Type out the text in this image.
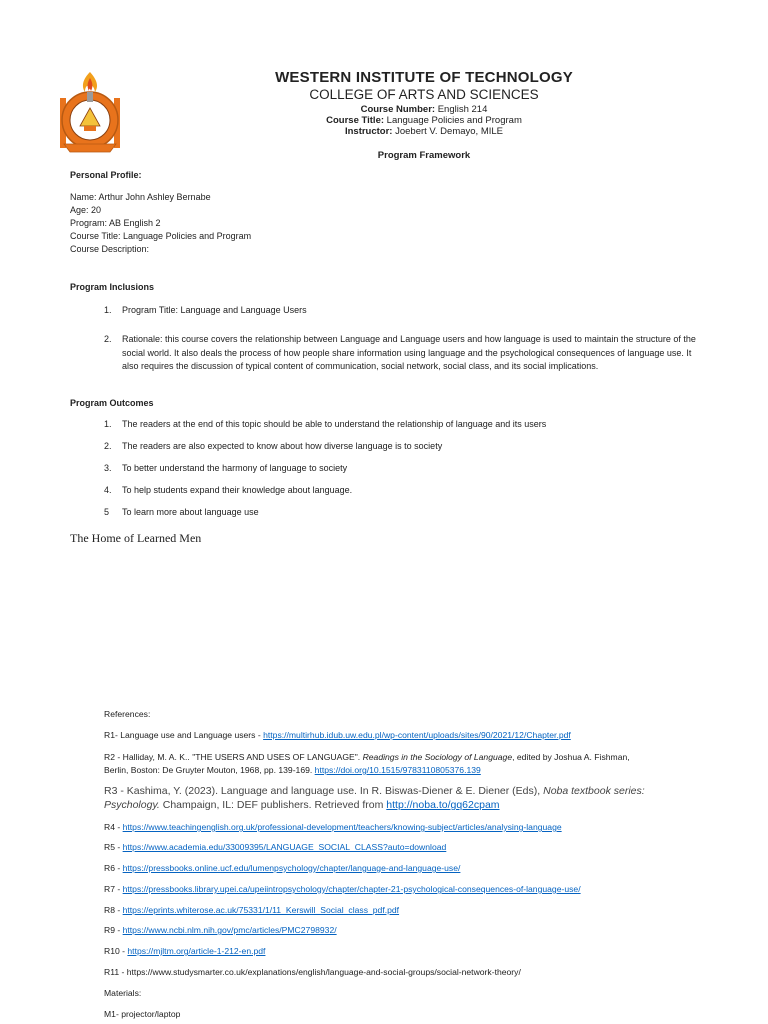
WESTERN INSTITUTE OF TECHNOLOGY
COLLEGE OF ARTS AND SCIENCES
Course Number: English 214
Course Title: Language Policies and Program
Instructor: Joebert V. Demayo, MILE
Program Framework
Personal Profile:
Name: Arthur John Ashley Bernabe
Age: 20
Program: AB English 2
Course Title: Language Policies and Program
Course Description:
Program Inclusions
1. Program Title: Language and Language Users
2. Rationale: this course covers the relationship between Language and Language users and how language is used to maintain the structure of the social world. It also deals the process of how people share information using language and the psychological consequences of language use. It also requires the discussion of typical content of communication, social network, social class, and its social implications.
Program Outcomes
1. The readers at the end of this topic should be able to understand the relationship of language and its users
2. The readers are also expected to know about how diverse language is to society
3. To better understand the harmony of language to society
4. To help students expand their knowledge about language.
5 To learn more about language use
The Home of Learned Men
References:
R1- Language use and Language users - https://multirhub.idub.uw.edu.pl/wp-content/uploads/sites/90/2021/12/Chapter.pdf
R2 - Halliday, M. A. K.. "THE USERS AND USES OF LANGUAGE". Readings in the Sociology of Language, edited by Joshua A. Fishman,
Berlin, Boston: De Gruyter Mouton, 1968, pp. 139-169. https://doi.org/10.1515/9783110805376.139
R3 - Kashima, Y. (2023). Language and language use. In R. Biswas-Diener & E. Diener (Eds), Noba textbook series:
Psychology. Champaign, IL: DEF publishers. Retrieved from http://noba.to/gq62cpam
R4 - https://www.teachingenglish.org.uk/professional-development/teachers/knowing-subject/articles/analysing-language
R5 - https://www.academia.edu/33009395/LANGUAGE_SOCIAL_CLASS?auto=download
R6 - https://pressbooks.online.ucf.edu/lumenpsychology/chapter/language-and-language-use/
R7 - https://pressbooks.library.upei.ca/upeiintropsychology/chapter/chapter-21-psychological-consequences-of-language-use/
R8 - https://eprints.whiterose.ac.uk/75331/1/11_Kerswill_Social_class_pdf.pdf
R9 - https://www.ncbi.nlm.nih.gov/pmc/articles/PMC2798932/
R10 - https://mjltm.org/article-1-212-en.pdf
R11 - https://www.studysmarter.co.uk/explanations/english/language-and-social-groups/social-network-theory/
Materials:
M1- projector/laptop
